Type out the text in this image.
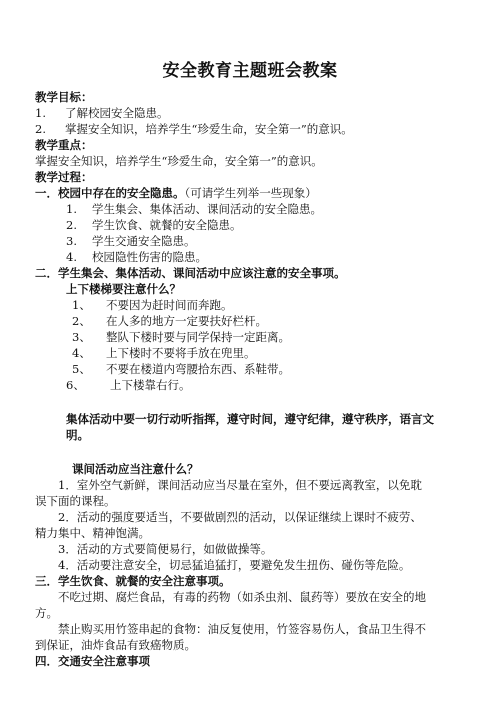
安全教育主题班会教案
教学目标：
1. 了解校园安全隐患。
2. 掌握安全知识，培养学生“珍爱生命，安全第一”的意识。
教学重点：
掌握安全知识，培养学生“珍爱生命，安全第一”的意识。
教学过程：
一．校园中存在的安全隐患。（可请学生列举一些现象）
1. 学生集会、集体活动、课间活动的安全隐患。
2. 学生饮食、就餐的安全隐患。
3. 学生交通安全隐患。
4. 校园隐性伤害的隐患。
二．学生集会、集体活动、课间活动中应该注意的安全事项。
上下楼梯要注意什么？
1、 不要因为赶时间而奔跑。
2、 在人多的地方一定要扶好栏杆。
3、 整队下楼时要与同学保持一定距离。
4、 上下楼时不要将手放在兜里。
5、 不要在楼道内弯腰拾东西、系鞋带。
6、 上下楼靠右行。
集体活动中要一切行动听指挥，遵守时间，遵守纪律，遵守秩序，语言文
明。
课间活动应当注意什么？
1．室外空气新鲜，课间活动应当尽量在室外，但不要远离教室，以免耽
误下面的课程。
2．活动的强度要适当，不要做剧烈的活动，以保证继续上课时不疲劳、
精力集中、精神饱满。
3．活动的方式要简便易行，如做做操等。
4．活动要注意安全，切忌猛追猛打，要避免发生扭伤、碰伤等危险。
三．学生饮食、就餐的安全注意事项。
不吃过期、腐烂食品，有毒的药物（如杀虫剂、鼠药等）要放在安全的地
方。
禁止购买用竹签串起的食物：油反复使用，竹签容易伤人，食品卫生得不
到保证，油炸食品有致癌物质。
四．交通安全注意事项
